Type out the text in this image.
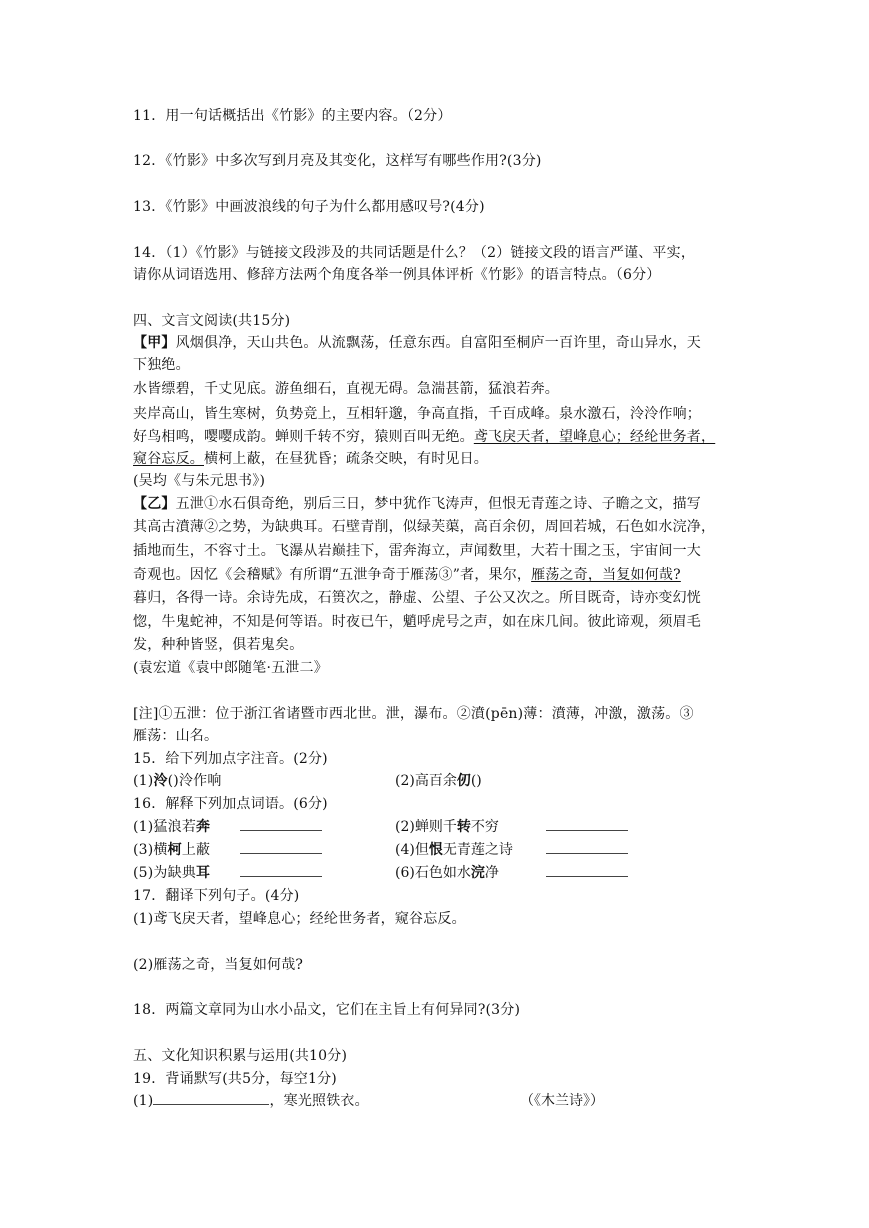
11．用一句话概括出《竹影》的主要内容。（2分）
12．《竹影》中多次写到月亮及其变化，这样写有哪些作用?(3分)
13．《竹影》中画波浪线的句子为什么都用感叹号?(4分)
14．（1）《竹影》与链接文段涉及的共同话题是什么？（2）链接文段的语言严谨、平实，
请你从词语选用、修辞方法两个角度各举一例具体评析《竹影》的语言特点。（6分）
四、文言文阅读(共15分)
【甲】风烟俱净，天山共色。从流飘荡，任意东西。自富阳至桐庐一百许里，奇山异水，天
下独绝。
水皆缥碧，千丈见底。游鱼细石，直视无碍。急湍甚箭，猛浪若奔。
夹岸高山，皆生寒树，负势竞上，互相轩邈，争高直指，千百成峰。泉水激石，泠泠作响；
好鸟相鸣，嘤嘤成韵。蝉则千转不穷，猿则百叫无绝。鸢飞戾天者，望峰息心；经纶世务者，
窥谷忘反。横柯上蔽，在昼犹昏；疏条交映，有时见日。
(吴均《与朱元思书》)
【乙】五泄①水石俱奇绝，别后三日，梦中犹作飞涛声，但恨无青莲之诗、子瞻之文，描写
其高古濆薄②之势，为缺典耳。石壁青削，似绿芙蕖，高百余仞，周回若城，石色如水浣净，
插地而生，不容寸土。飞瀑从岩巅挂下，雷奔海立，声闻数里，大若十围之玉，宇宙间一大
奇观也。因忆《会稽赋》有所谓“五泄争奇于雁荡③”者，果尔，雁荡之奇，当复如何哉?
暮归，各得一诗。余诗先成，石篑次之，静虚、公望、子公又次之。所目既奇，诗亦变幻恍
惚，牛鬼蛇神，不知是何等语。时夜已午，魈呼虎号之声，如在床几间。彼此谛观，须眉毛
发，种种皆竖，俱若鬼矣。
(袁宏道《袁中郎随笔·五泄二》
[注]①五泄：位于浙江省诸暨市西北世。泄，瀑布。②濆(pēn)薄：濆薄，冲激，激荡。③
雁荡：山名。
15．给下列加点字注音。(2分)
(1)泠()泠作响	(2)高百余仞()
16．解释下列加点词语。(6分)
(1)猛浪若奔	(2)蝉则千转不穷
(3)横柯上蔽	(4)但恨无青莲之诗
(5)为缺典耳	(6)石色如水浣净
17．翻译下列句子。(4分)
(1)鸢飞戾天者，望峰息心；经纶世务者，窥谷忘反。
(2)雁荡之奇，当复如何哉?
18．两篇文章同为山水小品文，它们在主旨上有何异同?(3分)
五、文化知识积累与运用(共10分)
19．背诵默写(共5分，每空1分)
(1)	，寒光照铁衣。	（《木兰诗》）
